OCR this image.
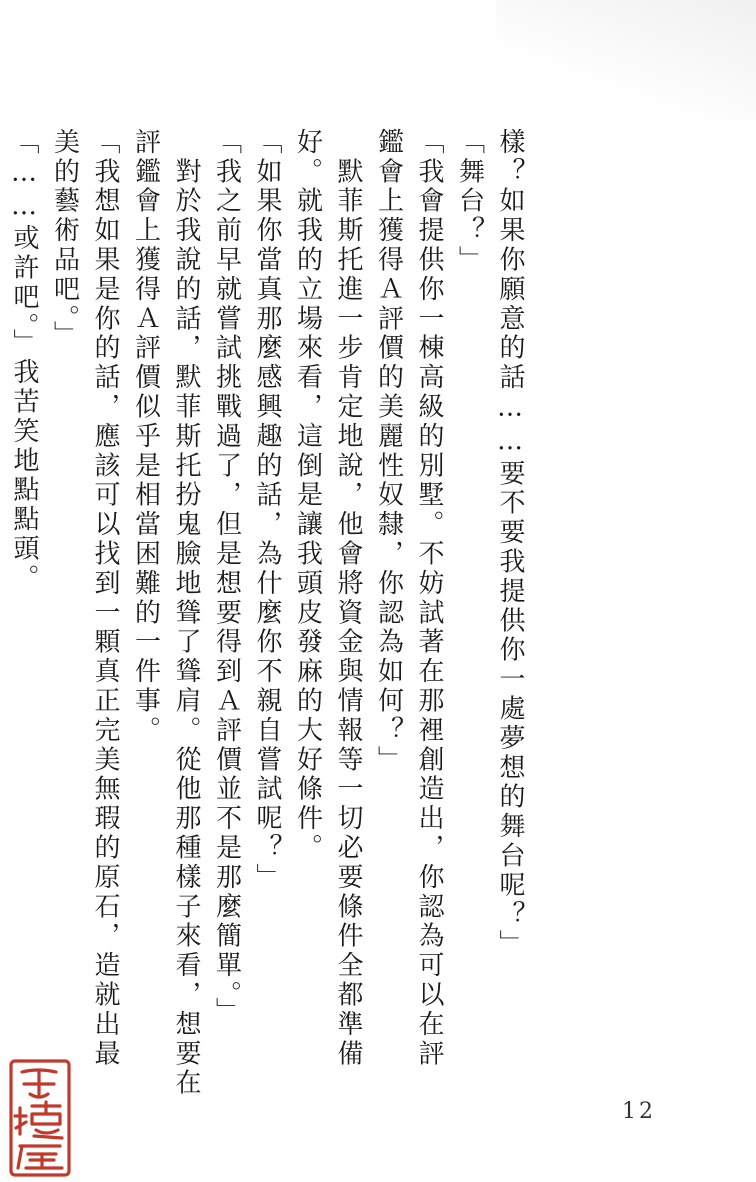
樣？如果你願意的話……要不要我提供你一處夢想的舞台呢？」
「舞台？」
「我會提供你一棟高級的別墅。不妨試著在那裡創造出，你認為可以在評
鑑會上獲得Ａ評價的美麗性奴隸，你認為如何？」
　默菲斯托進一步肯定地說，他會將資金與情報等一切必要條件全都準備
好。就我的立場來看，這倒是讓我頭皮發麻的大好條件。
「如果你當真那麼感興趣的話，為什麼你不親自嘗試呢？」
「我之前早就嘗試挑戰過了，但是想要得到Ａ評價並不是那麼簡單。」
　對於我說的話，默菲斯托扮鬼臉地聳了聳肩。從他那種樣子來看，想要在
評鑑會上獲得Ａ評價似乎是相當困難的一件事。
「我想如果是你的話，應該可以找到一顆真正完美無瑕的原石，造就出最
美的藝術品吧。」
「……或許吧。」我苦笑地點點頭。
12
